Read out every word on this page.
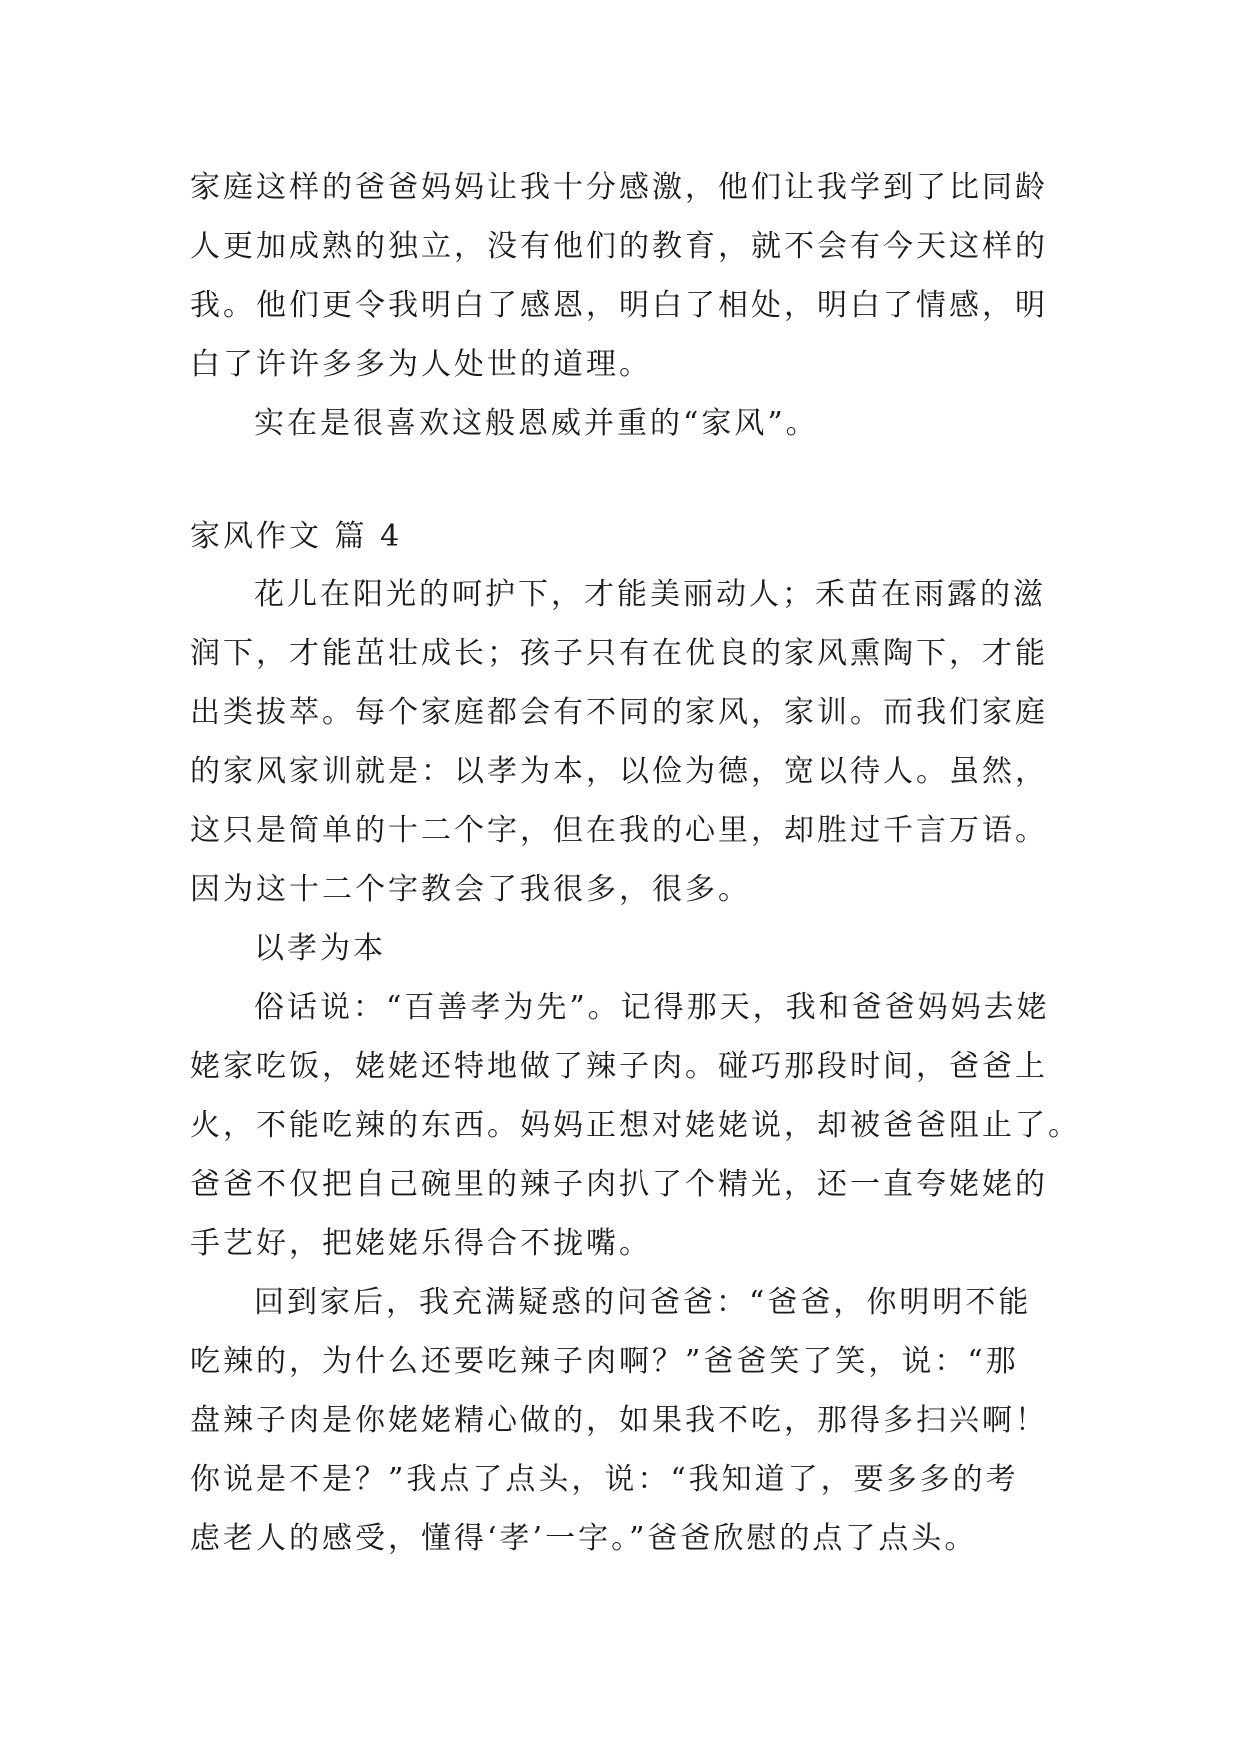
家庭这样的爸爸妈妈让我十分感激，他们让我学到了比同龄
人更加成熟的独立，没有他们的教育，就不会有今天这样的
我。他们更令我明白了感恩，明白了相处，明白了情感，明
白了许许多多为人处世的道理。
实在是很喜欢这般恩威并重的“家风”。
家风作文 篇 4
花儿在阳光的呵护下，才能美丽动人；禾苗在雨露的滋
润下，才能茁壮成长；孩子只有在优良的家风熏陶下，才能
出类拔萃。每个家庭都会有不同的家风，家训。而我们家庭
的家风家训就是：以孝为本，以俭为德，宽以待人。虽然，
这只是简单的十二个字，但在我的心里，却胜过千言万语。
因为这十二个字教会了我很多，很多。
以孝为本
俗话说：“百善孝为先”。记得那天，我和爸爸妈妈去姥
姥家吃饭，姥姥还特地做了辣子肉。碰巧那段时间，爸爸上
火，不能吃辣的东西。妈妈正想对姥姥说，却被爸爸阻止了。
爸爸不仅把自己碗里的辣子肉扒了个精光，还一直夸姥姥的
手艺好，把姥姥乐得合不拢嘴。
回到家后，我充满疑惑的问爸爸：“爸爸，你明明不能
吃辣的，为什么还要吃辣子肉啊？”爸爸笑了笑，说：“那
盘辣子肉是你姥姥精心做的，如果我不吃，那得多扫兴啊！
你说是不是？”我点了点头，说：“我知道了，要多多的考
虑老人的感受，懂得‘孝’一字。”爸爸欣慰的点了点头。
